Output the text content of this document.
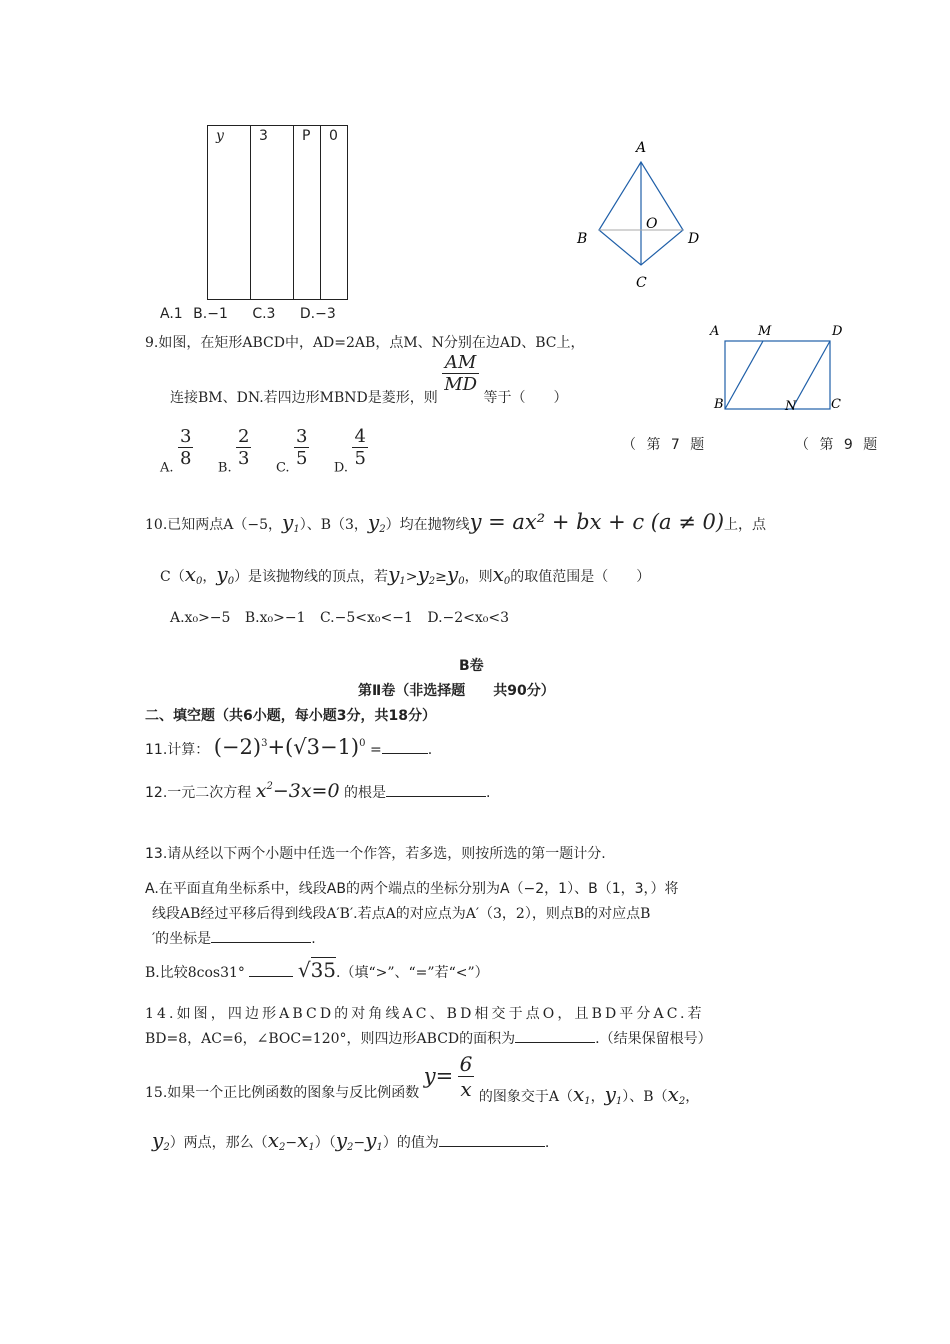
y	3	P	0
A.1 B.−1 C.3 D.−3
A
B
C
D
O
A	M	D
B	N	C
（ 第 7 题	（ 第 9 题
9.如图，在矩形ABCD中，AD=2AB，点M、N分别在边AD、BC上，
连接BM、DN.若四边形MBND是菱形，则
$\frac{AM}{MD}$
等于（　　）
A. $\frac{3}{8} B$. $\frac{2}{3} C$. $\frac{3}{5} D$. $\frac{4}{5}$
10.已知两点A（−5，$y_1$）、B（3，$y_2$）均在抛物线y = ax² + bx + c (a ≠ 0)上，点
$C(x_0$，$y_0$）是该抛物线的顶点，若$y_1>y_2\ge y_0$，则$x_0$的取值范围是（　　）
A.x₀>−5 B.x₀>−1 C.−5<x₀<−1 D.−2<x₀<3
B卷
第Ⅱ卷（非选择题　　共90分）
二、填空题（共6小题，每小题3分，共18分）
11.计算： $(-2)^3+(√3-1)^0$ =	.
12.一元二次方程 $x^2-3x=0$ 的根是	.
13.请从经以下两个小题中任选一个作答，若多选，则按所选的第一题计分.
A.在平面直角坐标系中，线段AB的两个端点的坐标分别为A（−2，1）、B（1，3，）将
线段AB经过平移后得到线段A′B′.若点A的对应点为A′（3，2），则点B的对应点B
′的坐标是	.
B.比较8cos31°	√35.（填“>”、“=”若“<”）
14.如图，四边形ABCD的对角线AC、BD相交于点O，且BD平分AC.若
BD=8，AC=6，∠BOC=120°，则四边形ABCD的面积为	.（结果保留根号）
15.如果一个正比例函数的图象与反比例函数 $y= \frac{6}{x}$ 的图象交于$A(x_1$，$y_1$）、$B(x_2$，
$y_2$）两点，那么$(x_2-x_1)(y_2-y_1)$的值为	.
